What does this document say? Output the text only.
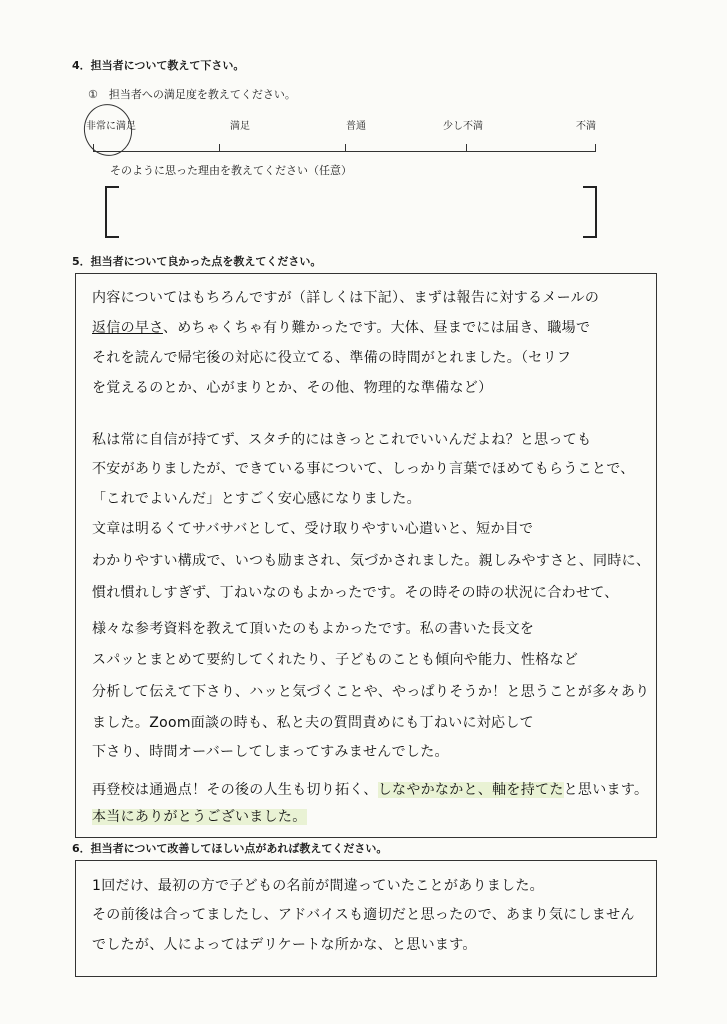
4．担当者について教えて下さい。
①　担当者への満足度を教えてください。
非常に満足	満足	普通	少し不満	不満
そのように思った理由を教えてください（任意）
5．担当者について良かった点を教えてください。
内容についてはもちろんですが（詳しくは下記）、まずは報告に対するメールの
返信の早さ、めちゃくちゃ有り難かったです。大体、昼までには届き、職場で
それを読んで帰宅後の対応に役立てる、準備の時間がとれました。（セリフ
を覚えるのとか、心がまりとか、その他、物理的な準備など）
私は常に自信が持てず、スタチ的にはきっとこれでいいんだよね？と思っても
不安がありましたが、できている事について、しっかり言葉でほめてもらうことで、
「これでよいんだ」とすごく安心感になりました。
文章は明るくてサバサバとして、受け取りやすい心遣いと、短か目で
わかりやすい構成で、いつも励まされ、気づかされました。親しみやすさと、同時に、
慣れ慣れしすぎず、丁ねいなのもよかったです。その時その時の状況に合わせて、
様々な参考資料を教えて頂いたのもよかったです。私の書いた長文を
スパッとまとめて要約してくれたり、子どものことも傾向や能力、性格など
分析して伝えて下さり、ハッと気づくことや、やっぱりそうか！と思うことが多々あり
ました。Zoom面談の時も、私と夫の質問責めにも丁ねいに対応して
下さり、時間オーバーしてしまってすみませんでした。
再登校は通過点！その後の人生も切り拓く、しなやかなかと、軸を持てたと思います。
本当にありがとうございました。
6．担当者について改善してほしい点があれば教えてください。
1回だけ、最初の方で子どもの名前が間違っていたことがありました。
その前後は合ってましたし、アドバイスも適切だと思ったので、あまり気にしません
でしたが、人によってはデリケートな所かな、と思います。
